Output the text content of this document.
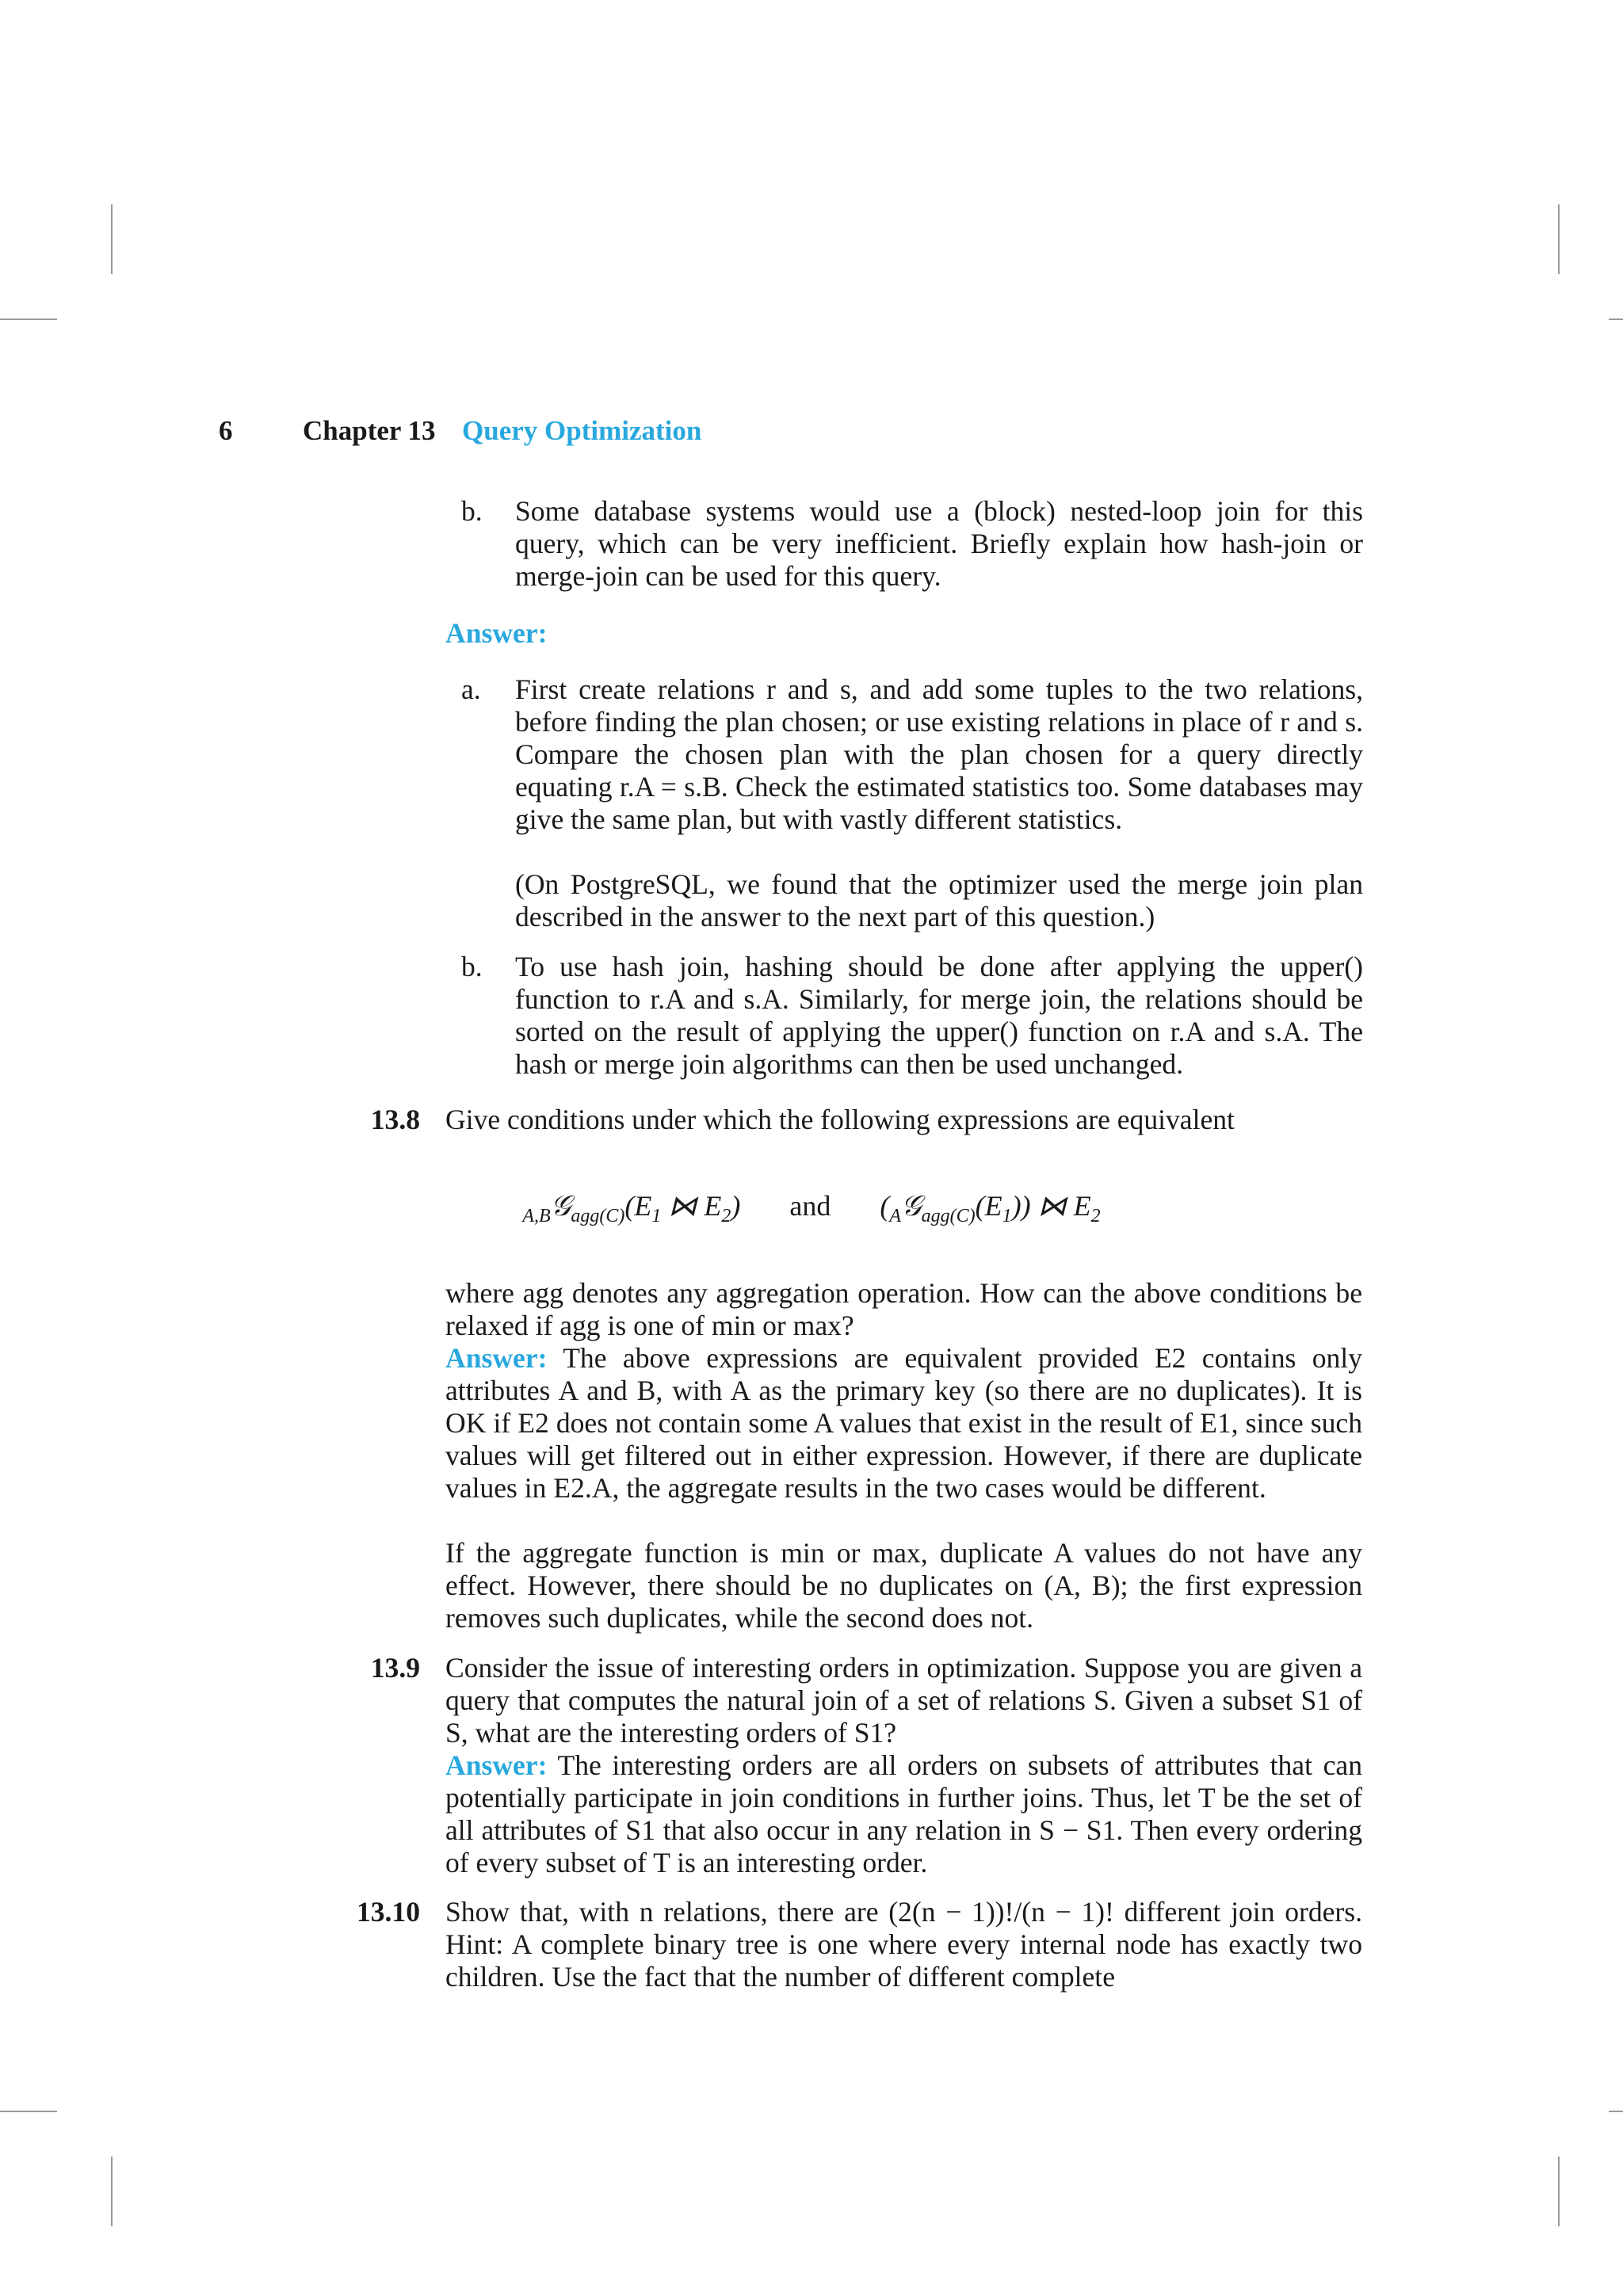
6	Chapter 13 Query Optimization
b. Some database systems would use a (block) nested-loop join for this query, which can be very inefficient. Briefly explain how hash-join or merge-join can be used for this query.

Answer:

a. First create relations r and s, and add some tuples to the two relations, before finding the plan chosen; or use existing relations in place of r and s. Compare the chosen plan with the plan chosen for a query directly equating r.A = s.B. Check the estimated statistics too. Some databases may give the same plan, but with vastly different statistics.

(On PostgreSQL, we found that the optimizer used the merge join plan described in the answer to the next part of this question.)

b. To use hash join, hashing should be done after applying the upper() function to r.A and s.A. Similarly, for merge join, the relations should be sorted on the result of applying the upper() function on r.A and s.A. The hash or merge join algorithms can then be used unchanged.

13.8 Give conditions under which the following expressions are equivalent

$_{A,B}𝒢_{agg(C)}(E_1$ ⋈ $E_2$) and $(_A𝒢_{agg(C)}(E_1))$ ⋈ $E_2$

where agg denotes any aggregation operation. How can the above conditions be relaxed if agg is one of min or max?

Answer: The above expressions are equivalent provided E2 contains only attributes A and B, with A as the primary key (so there are no duplicates). It is OK if E2 does not contain some A values that exist in the result of E1, since such values will get filtered out in either expression. However, if there are duplicate values in E2.A, the aggregate results in the two cases would be different.

If the aggregate function is min or max, duplicate A values do not have any effect. However, there should be no duplicates on (A, B); the first expression removes such duplicates, while the second does not.

13.9 Consider the issue of interesting orders in optimization. Suppose you are given a query that computes the natural join of a set of relations S. Given a subset S1 of S, what are the interesting orders of S1?

Answer: The interesting orders are all orders on subsets of attributes that can potentially participate in join conditions in further joins. Thus, let T be the set of all attributes of S1 that also occur in any relation in S − S1. Then every ordering of every subset of T is an interesting order.

13.10 Show that, with n relations, there are (2(n − 1))!/(n − 1)! different join orders. Hint: A complete binary tree is one where every internal node has exactly two children. Use the fact that the number of different complete
